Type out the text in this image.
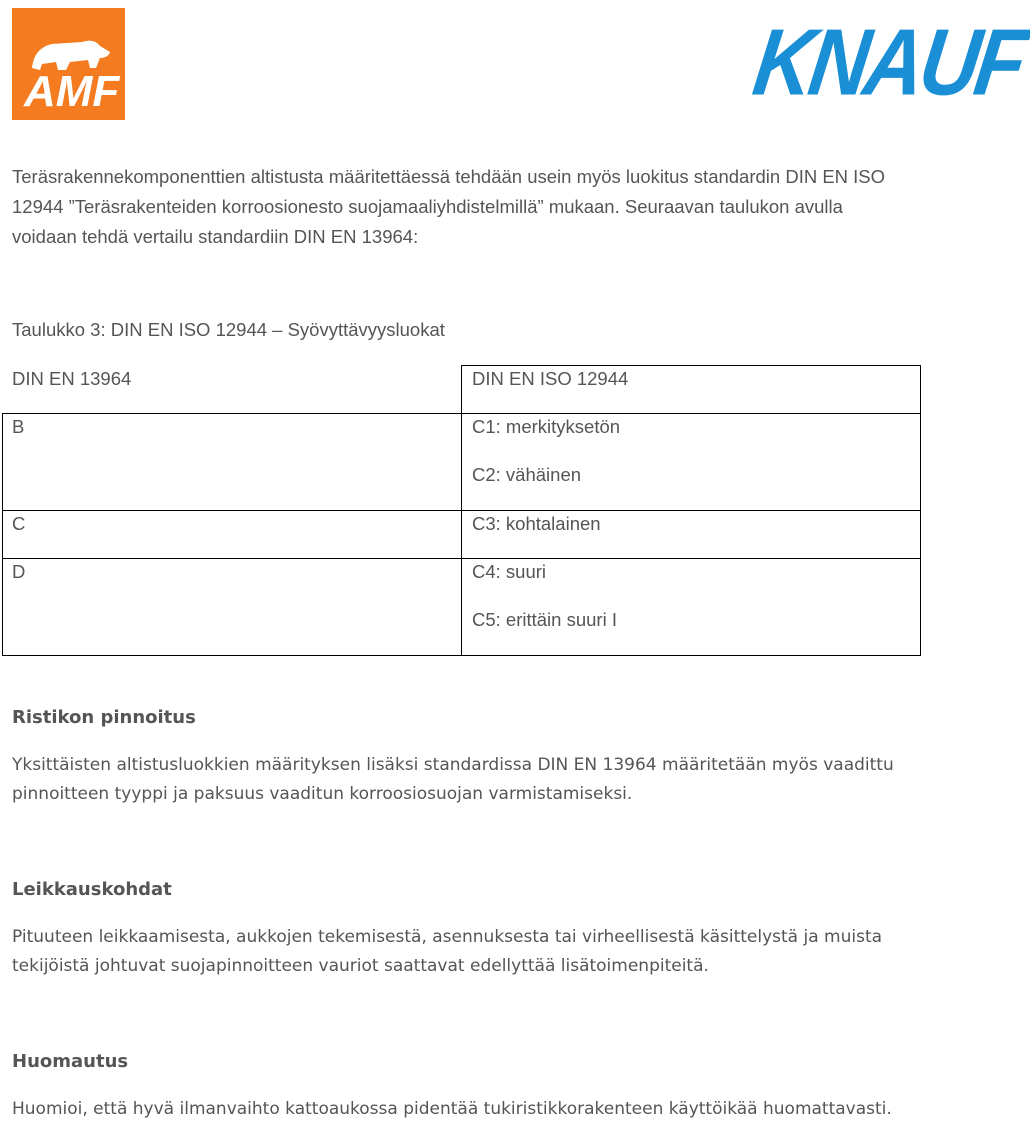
AMF	KNAUF
Teräsrakennekomponenttien altistusta määritettäessä tehdään usein myös luokitus standardin DIN EN ISO
12944 ”Teräsrakenteiden korroosionesto suojamaaliyhdistelmillä” mukaan. Seuraavan taulukon avulla
voidaan tehdä vertailu standardiin DIN EN 13964:
Taulukko 3: DIN EN ISO 12944 – Syövyttävyysluokat
DIN EN 13964	DIN EN ISO 12944
B	C1: merkityksetön
C2: vähäinen
C	C3: kohtalainen
D	C4: suuri
C5: erittäin suuri I
Ristikon pinnoitus
Yksittäisten altistusluokkien määrityksen lisäksi standardissa DIN EN 13964 määritetään myös vaadittu
pinnoitteen tyyppi ja paksuus vaaditun korroosiosuojan varmistamiseksi.
Leikkauskohdat
Pituuteen leikkaamisesta, aukkojen tekemisestä, asennuksesta tai virheellisestä käsittelystä ja muista
tekijöistä johtuvat suojapinnoitteen vauriot saattavat edellyttää lisätoimenpiteitä.
Huomautus
Huomioi, että hyvä ilmanvaihto kattoaukossa pidentää tukiristikkorakenteen käyttöikää huomattavasti.
